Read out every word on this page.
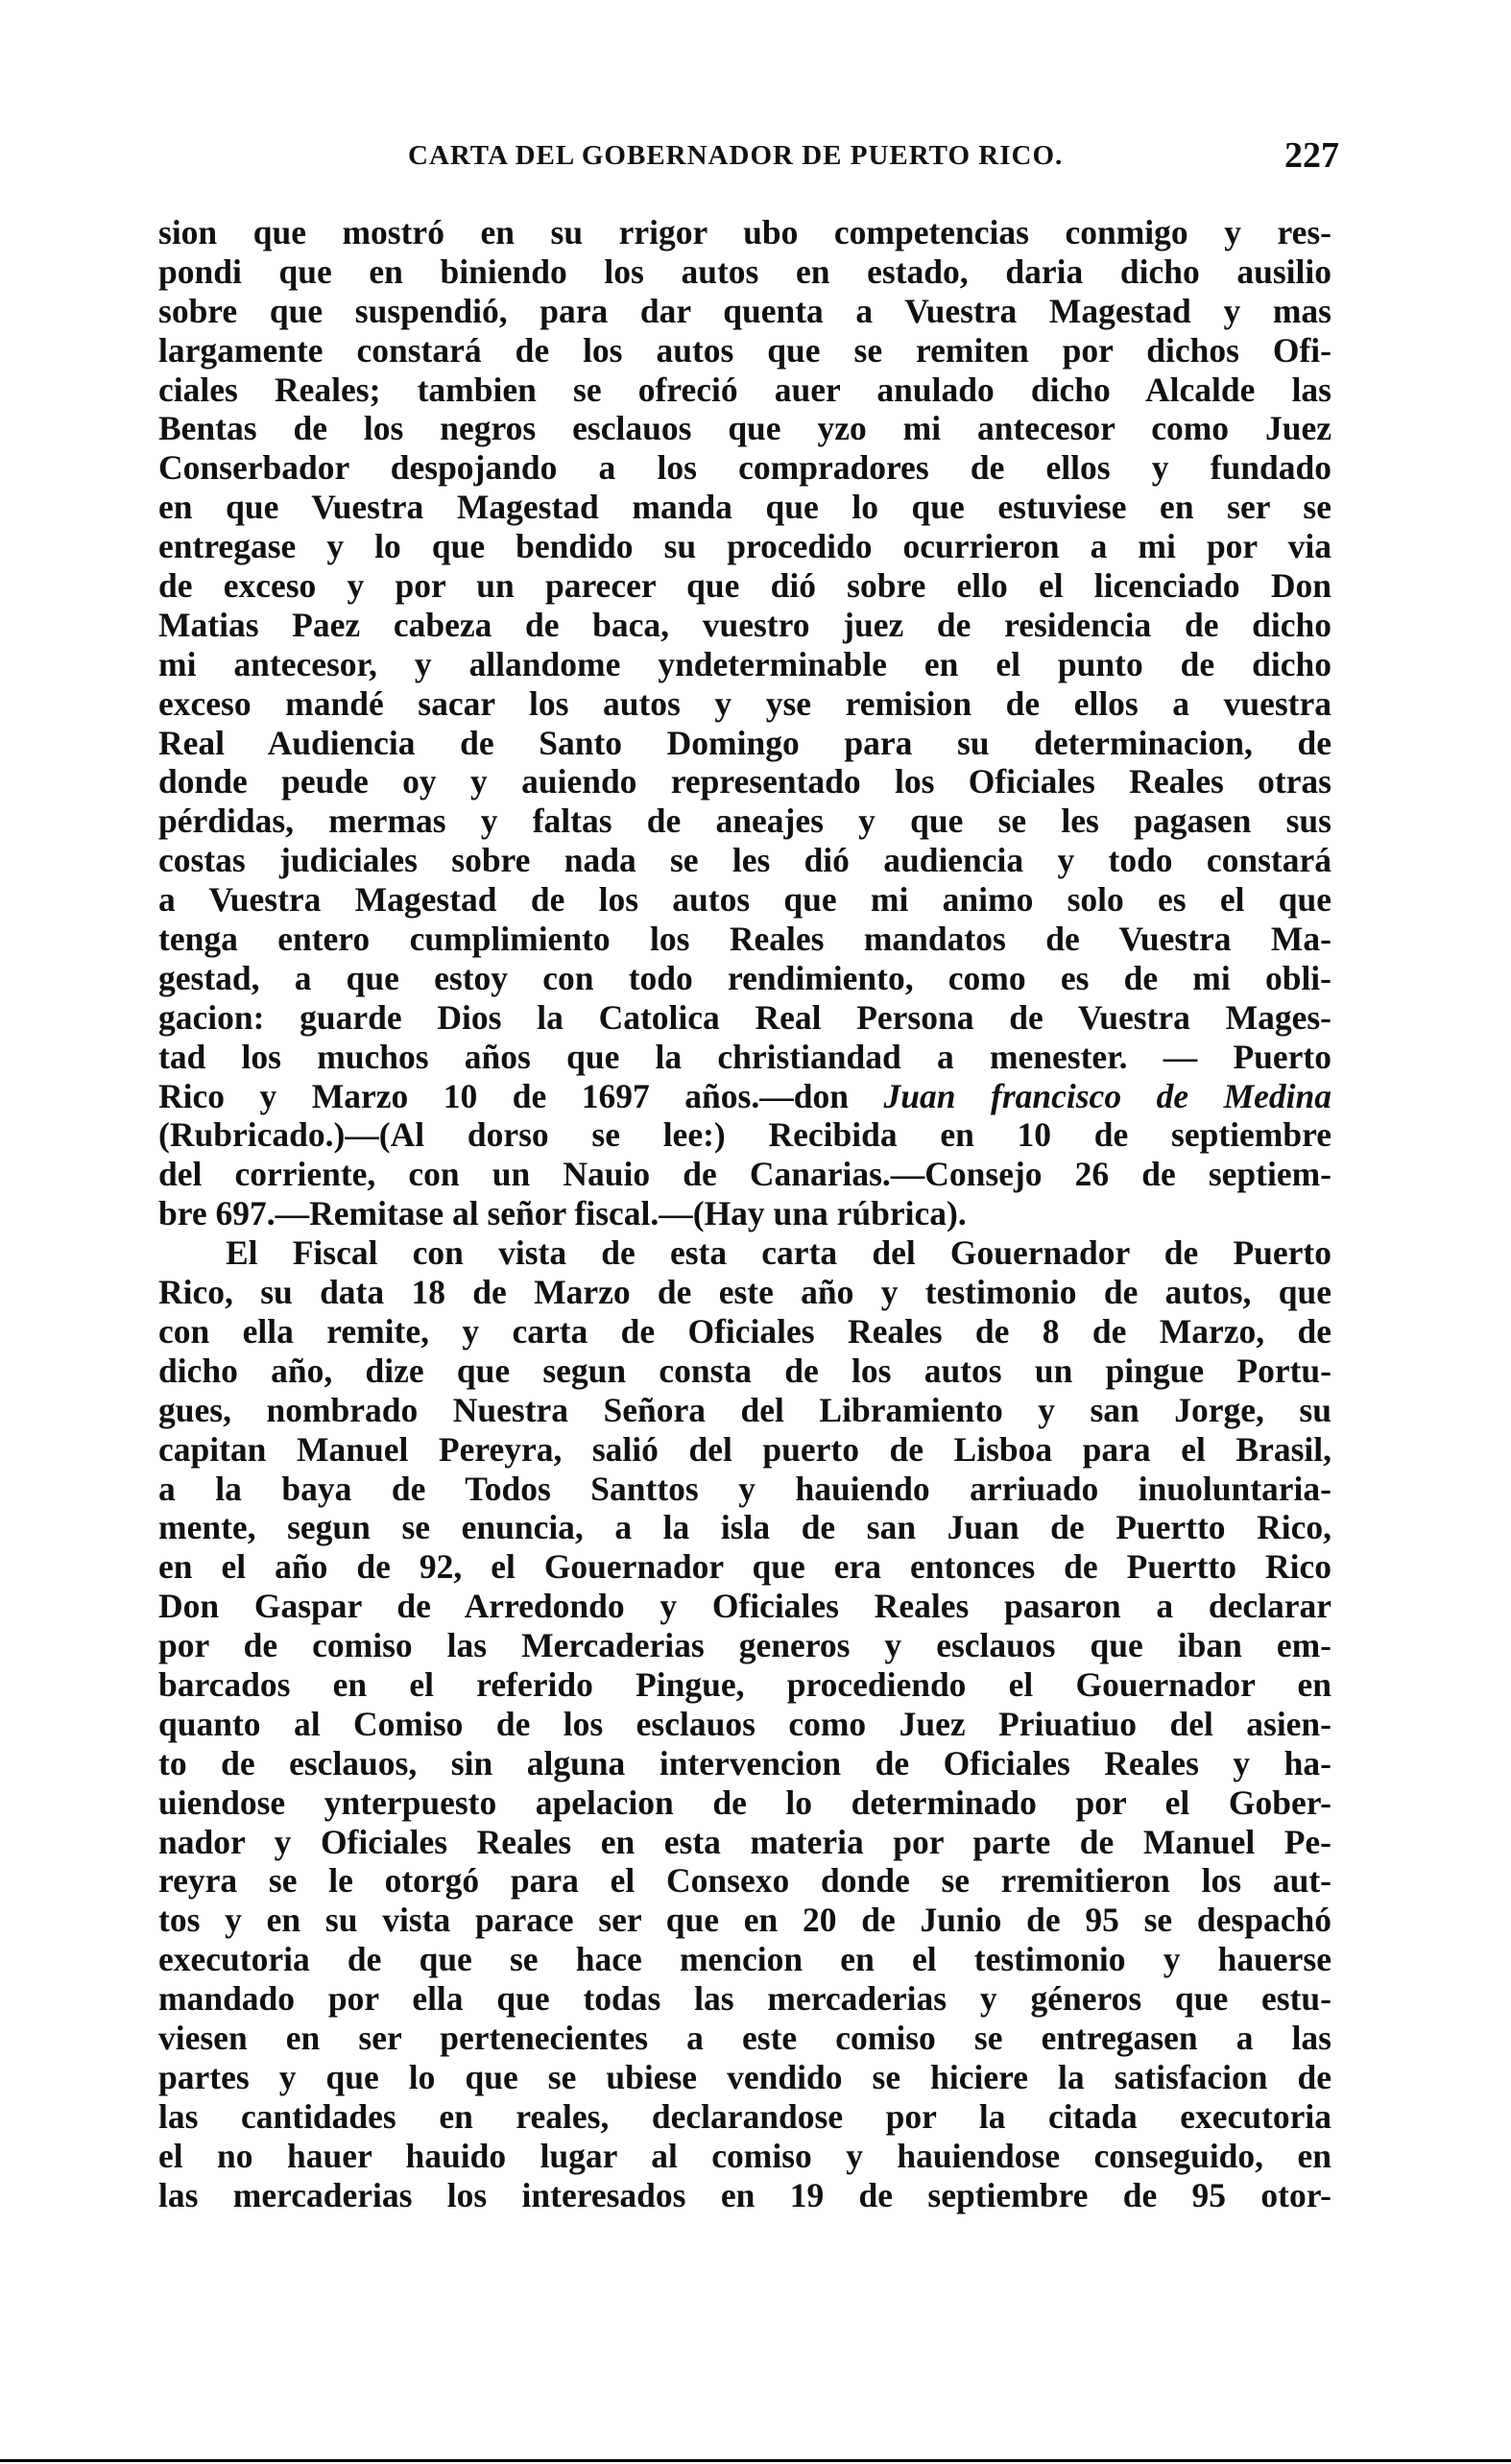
CARTA DEL GOBERNADOR DE PUERTO RICO.	227
sion que mostró en su rrigor ubo competencias conmigo y res-
pondi que en biniendo los autos en estado, daria dicho ausilio
sobre que suspendió, para dar quenta a Vuestra Magestad y mas
largamente constará de los autos que se remiten por dichos Ofi-
ciales Reales; tambien se ofreció auer anulado dicho Alcalde las
Bentas de los negros esclauos que yzo mi antecesor como Juez
Conserbador despojando a los compradores de ellos y fundado
en que Vuestra Magestad manda que lo que estuviese en ser se
entregase y lo que bendido su procedido ocurrieron a mi por via
de exceso y por un parecer que dió sobre ello el licenciado Don
Matias Paez cabeza de baca, vuestro juez de residencia de dicho
mi antecesor, y allandome yndeterminable en el punto de dicho
exceso mandé sacar los autos y yse remision de ellos a vuestra
Real Audiencia de Santo Domingo para su determinacion, de
donde peude oy y auiendo representado los Oficiales Reales otras
pérdidas, mermas y faltas de aneajes y que se les pagasen sus
costas judiciales sobre nada se les dió audiencia y todo constará
a Vuestra Magestad de los autos que mi animo solo es el que
tenga entero cumplimiento los Reales mandatos de Vuestra Ma-
gestad, a que estoy con todo rendimiento, como es de mi obli-
gacion: guarde Dios la Catolica Real Persona de Vuestra Mages-
tad los muchos años que la christiandad a menester. — Puerto
Rico y Marzo 10 de 1697 años.—don Juan francisco de Medina
(Rubricado.)—(Al dorso se lee:) Recibida en 10 de septiembre
del corriente, con un Nauio de Canarias.—Consejo 26 de septiem-
bre 697.—Remitase al señor fiscal.—(Hay una rúbrica).
El Fiscal con vista de esta carta del Gouernador de Puerto
Rico, su data 18 de Marzo de este año y testimonio de autos, que
con ella remite, y carta de Oficiales Reales de 8 de Marzo, de
dicho año, dize que segun consta de los autos un pingue Portu-
gues, nombrado Nuestra Señora del Libramiento y san Jorge, su
capitan Manuel Pereyra, salió del puerto de Lisboa para el Brasil,
a la baya de Todos Santtos y hauiendo arriuado inuoluntaria-
mente, segun se enuncia, a la isla de san Juan de Puertto Rico,
en el año de 92, el Gouernador que era entonces de Puertto Rico
Don Gaspar de Arredondo y Oficiales Reales pasaron a declarar
por de comiso las Mercaderias generos y esclauos que iban em-
barcados en el referido Pingue, procediendo el Gouernador en
quanto al Comiso de los esclauos como Juez Priuatiuo del asien-
to de esclauos, sin alguna intervencion de Oficiales Reales y ha-
uiendose ynterpuesto apelacion de lo determinado por el Gober-
nador y Oficiales Reales en esta materia por parte de Manuel Pe-
reyra se le otorgó para el Consexo donde se rremitieron los aut-
tos y en su vista parace ser que en 20 de Junio de 95 se despachó
executoria de que se hace mencion en el testimonio y hauerse
mandado por ella que todas las mercaderias y géneros que estu-
viesen en ser pertenecientes a este comiso se entregasen a las
partes y que lo que se ubiese vendido se hiciere la satisfacion de
las cantidades en reales, declarandose por la citada executoria
el no hauer hauido lugar al comiso y hauiendose conseguido, en
las mercaderias los interesados en 19 de septiembre de 95 otor-
